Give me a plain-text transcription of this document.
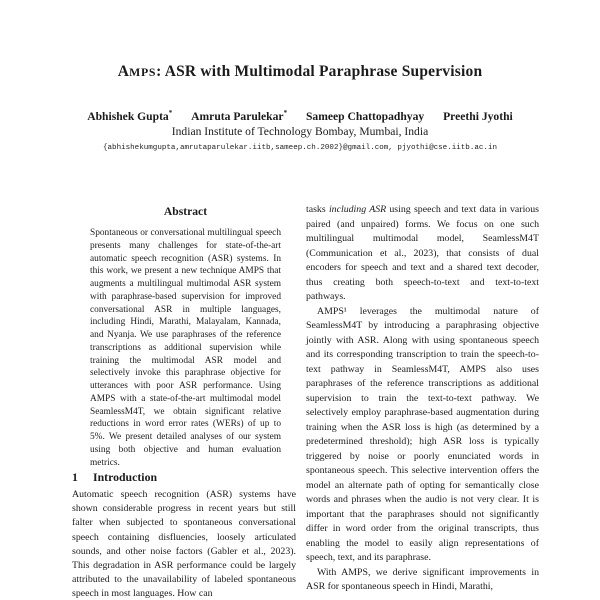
AMPS: ASR with Multimodal Paraphrase Supervision
Abhishek Gupta* Amruta Parulekar* Sameep Chattopadhyay Preethi Jyothi
Indian Institute of Technology Bombay, Mumbai, India
{abhishekumgupta,amrutaparulekar.iitb,sameep.ch.2002}@gmail.com, pjyothi@cse.iitb.ac.in
Abstract
Spontaneous or conversational multilingual speech presents many challenges for state-of-the-art automatic speech recognition (ASR) systems. In this work, we present a new technique AMPS that augments a multilingual multimodal ASR system with paraphrase-based supervision for improved conversational ASR in multiple languages, including Hindi, Marathi, Malayalam, Kannada, and Nyanja. We use paraphrases of the reference transcriptions as additional supervision while training the multimodal ASR model and selectively invoke this paraphrase objective for utterances with poor ASR performance. Using AMPS with a state-of-the-art multimodal model SeamlessM4T, we obtain significant relative reductions in word error rates (WERs) of up to 5%. We present detailed analyses of our system using both objective and human evaluation metrics.
1 Introduction
Automatic speech recognition (ASR) systems have shown considerable progress in recent years but still falter when subjected to spontaneous conversational speech containing disfluencies, loosely articulated sounds, and other noise factors (Gabler et al., 2023). This degradation in ASR performance could be largely attributed to the unavailability of labeled spontaneous speech in most languages. How can

tasks including ASR using speech and text data in various paired (and unpaired) forms. We focus on one such multilingual multimodal model, SeamlessM4T (Communication et al., 2023), that consists of dual encoders for speech and text and a shared text decoder, thus creating both speech-to-text and text-to-text pathways.

AMPS¹ leverages the multimodal nature of SeamlessM4T by introducing a paraphrasing objective jointly with ASR. Along with using spontaneous speech and its corresponding transcription to train the speech-to-text pathway in SeamlessM4T, AMPS also uses paraphrases of the reference transcriptions as additional supervision to train the text-to-text pathway. We selectively employ paraphrase-based augmentation during training when the ASR loss is high (as determined by a predetermined threshold); high ASR loss is typically triggered by noise or poorly enunciated words in spontaneous speech. This selective intervention offers the model an alternate path of opting for semantically close words and phrases when the audio is not very clear. It is important that the paraphrases should not significantly differ in word order from the original transcripts, thus enabling the model to easily align representations of speech, text, and its paraphrase.

With AMPS, we derive significant improvements in ASR for spontaneous speech in Hindi, Marathi,
